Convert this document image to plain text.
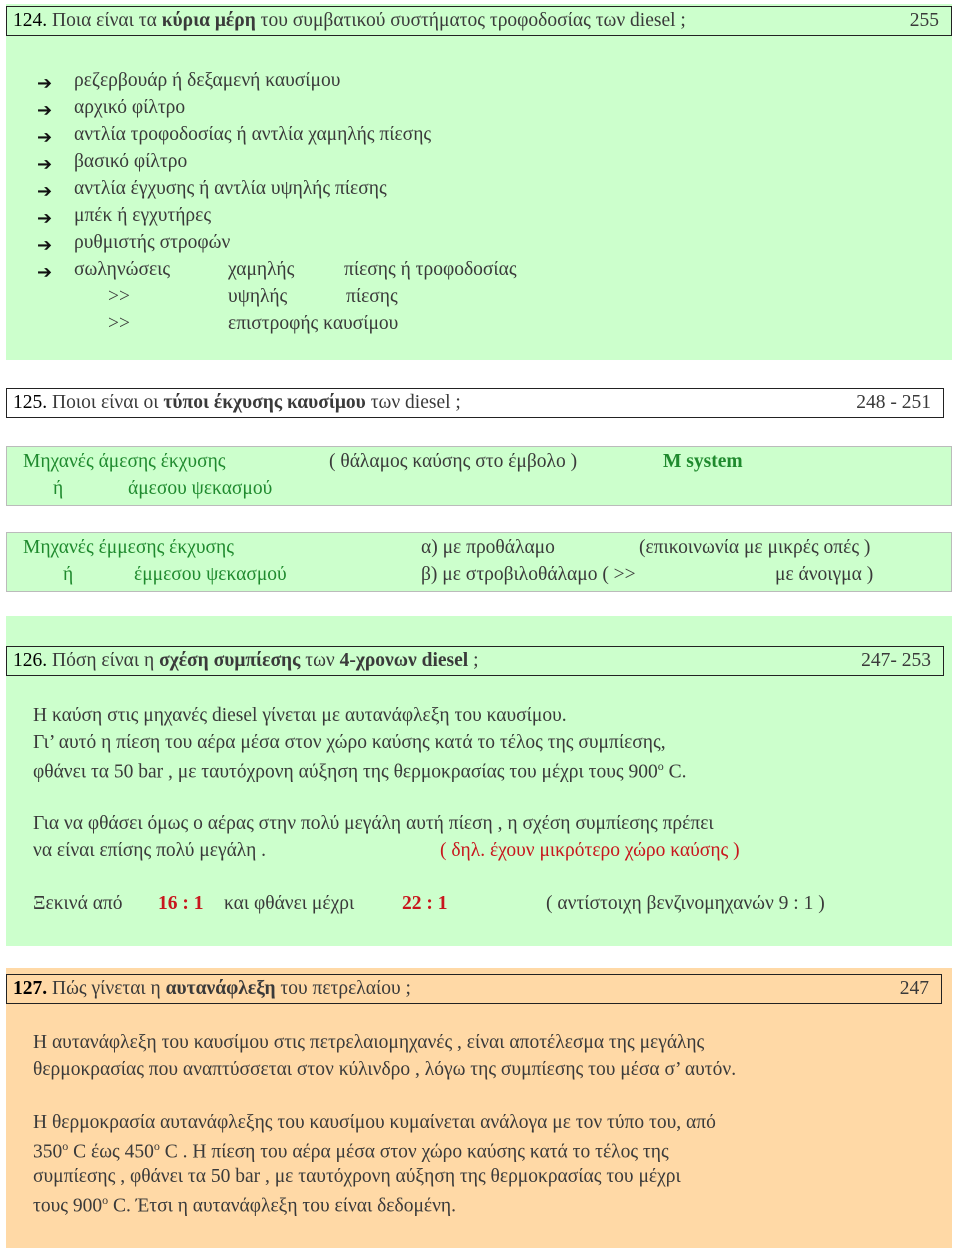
124. Ποια είναι τα κύρια μέρη του συμβατικού συστήματος τροφοδοσίας των diesel ;	255
➔ ρεζερβουάρ ή δεξαμενή καυσίμου
➔ αρχικό φίλτρο
➔ αντλία τροφοδοσίας ή αντλία χαμηλής πίεσης
➔ βασικό φίλτρο
➔ αντλία έγχυσης ή αντλία υψηλής πίεσης
➔ μπέκ ή εγχυτήρες
➔ ρυθμιστής στροφών
➔ σωληνώσεις	χαμηλής	πίεσης ή τροφοδοσίας
>>	υψηλής	πίεσης
>>	επιστροφής καυσίμου
125. Ποιοι είναι οι τύποι έκχυσης καυσίμου των diesel ;	248 - 251
Μηχανές άμεσης έκχυσης	( θάλαμος καύσης στο έμβολο )	M system
ή	άμεσου ψεκασμού
Μηχανές έμμεσης έκχυσης	α) με προθάλαμο	(επικοινωνία με μικρές οπές )
ή	έμμεσου ψεκασμού	β) με στροβιλοθάλαμο ( >>	με άνοιγμα )
126. Πόση είναι η σχέση συμπίεσης των 4-χρονων diesel ;	247- 253
Η καύση στις μηχανές diesel γίνεται με αυτανάφλεξη του καυσίμου.
Γι’ αυτό η πίεση του αέρα μέσα στον χώρο καύσης κατά το τέλος της συμπίεσης,
φθάνει τα 50 bar , με ταυτόχρονη αύξηση της θερμοκρασίας του μέχρι τους 900$^o$ C.
Για να φθάσει όμως ο αέρας στην πολύ μεγάλη αυτή πίεση , η σχέση συμπίεσης πρέπει
να είναι επίσης πολύ μεγάλη .	( δηλ. έχουν μικρότερο χώρο καύσης )
Ξεκινά από 16 : 1 και φθάνει μέχρι 22 : 1	( αντίστοιχη βενζινομηχανών 9 : 1 )
127. Πώς γίνεται η αυτανάφλεξη του πετρελαίου ;	247
Η αυτανάφλεξη του καυσίμου στις πετρελαιομηχανές , είναι αποτέλεσμα της μεγάλης
θερμοκρασίας που αναπτύσσεται στον κύλινδρο , λόγω της συμπίεσης του μέσα σ’ αυτόν.
Η θερμοκρασία αυτανάφλεξης του καυσίμου κυμαίνεται ανάλογα με τον τύπο του, από
350$^o$ C έως 450$^o$ C . Η πίεση του αέρα μέσα στον χώρο καύσης κατά το τέλος της
συμπίεσης , φθάνει τα 50 bar , με ταυτόχρονη αύξηση της θερμοκρασίας του μέχρι
τους 900$^o$ C. Έτσι η αυτανάφλεξη του είναι δεδομένη.
